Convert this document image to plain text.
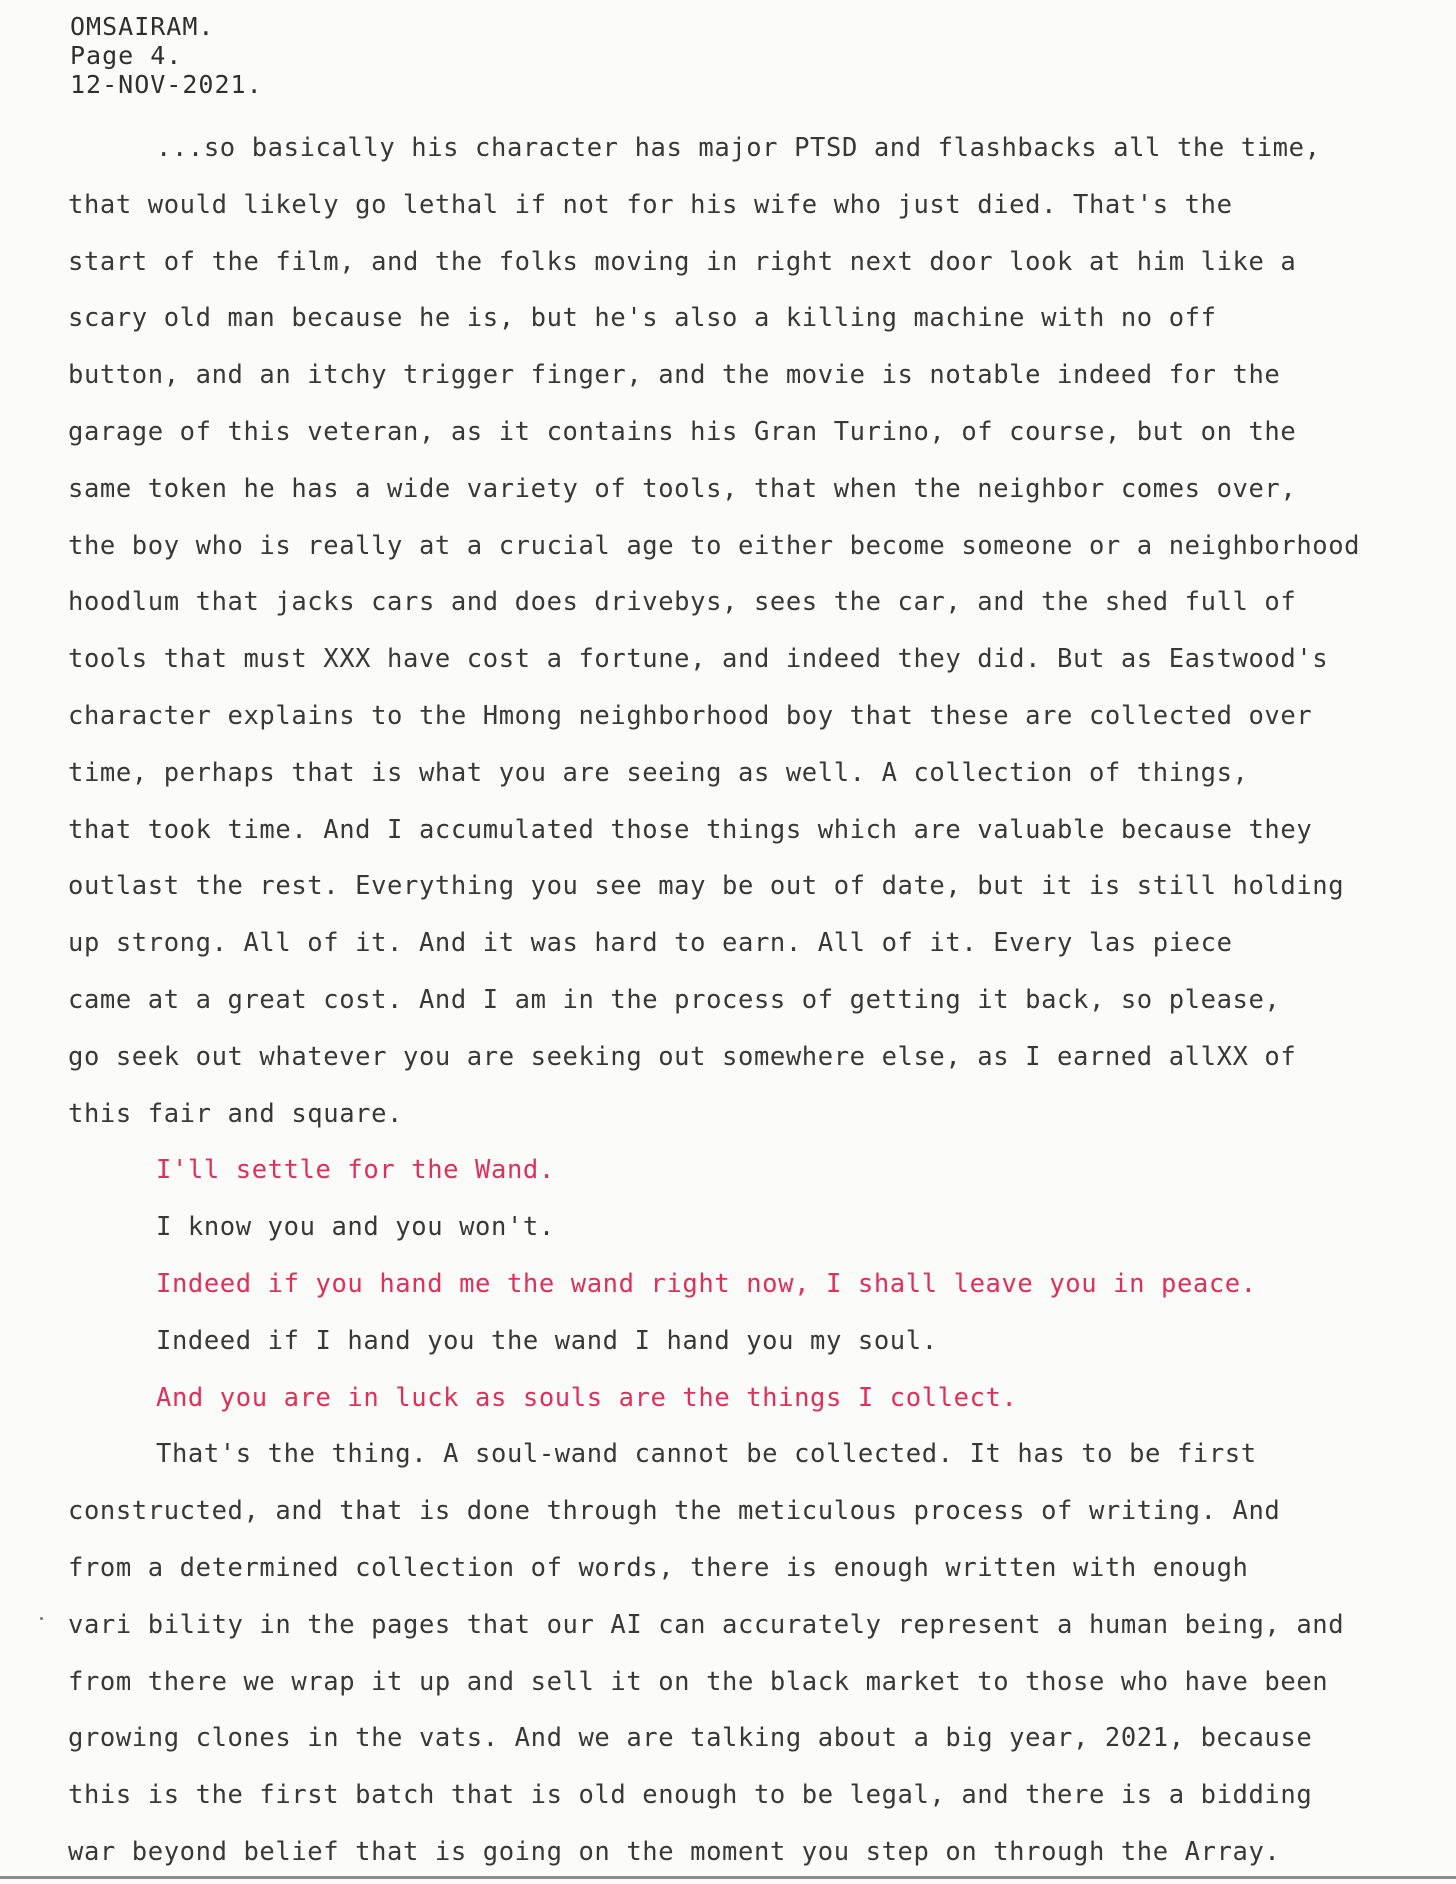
OMSAIRAM.
Page 4.
12-NOV-2021.
...so basically his character has major PTSD and flashbacks all the time,
that would likely go lethal if not for his wife who just died. That's the
start of the film, and the folks moving in right next door look at him like a
scary old man because he is, but he's also a killing machine with no off
button, and an itchy trigger finger, and the movie is notable indeed for the
garage of this veteran, as it contains his Gran Turino, of course, but on the
same token he has a wide variety of tools, that when the neighbor comes over,
the boy who is really at a crucial age to either become someone or a neighborhood
hoodlum that jacks cars and does drivebys, sees the car, and the shed full of
tools that must XXX have cost a fortune, and indeed they did. But as Eastwood's
character explains to the Hmong neighborhood boy that these are collected over
time, perhaps that is what you are seeing as well. A collection of things,
that took time. And I accumulated those things which are valuable because they
outlast the rest. Everything you see may be out of date, but it is still holding
up strong. All of it. And it was hard to earn. All of it. Every las piece
came at a great cost. And I am in the process of getting it back, so please,
go seek out whatever you are seeking out somewhere else, as I earned allXX of
this fair and square.
I'll settle for the Wand.
I know you and you won't.
Indeed if you hand me the wand right now, I shall leave you in peace.
Indeed if I hand you the wand I hand you my soul.
And you are in luck as souls are the things I collect.
That's the thing. A soul-wand cannot be collected. It has to be first
constructed, and that is done through the meticulous process of writing. And
from a determined collection of words, there is enough written with enough
vari bility in the pages that our AI can accurately represent a human being, and
from there we wrap it up and sell it on the black market to those who have been
growing clones in the vats. And we are talking about a big year, 2021, because
this is the first batch that is old enough to be legal, and there is a bidding
war beyond belief that is going on the moment you step on through the Array.
